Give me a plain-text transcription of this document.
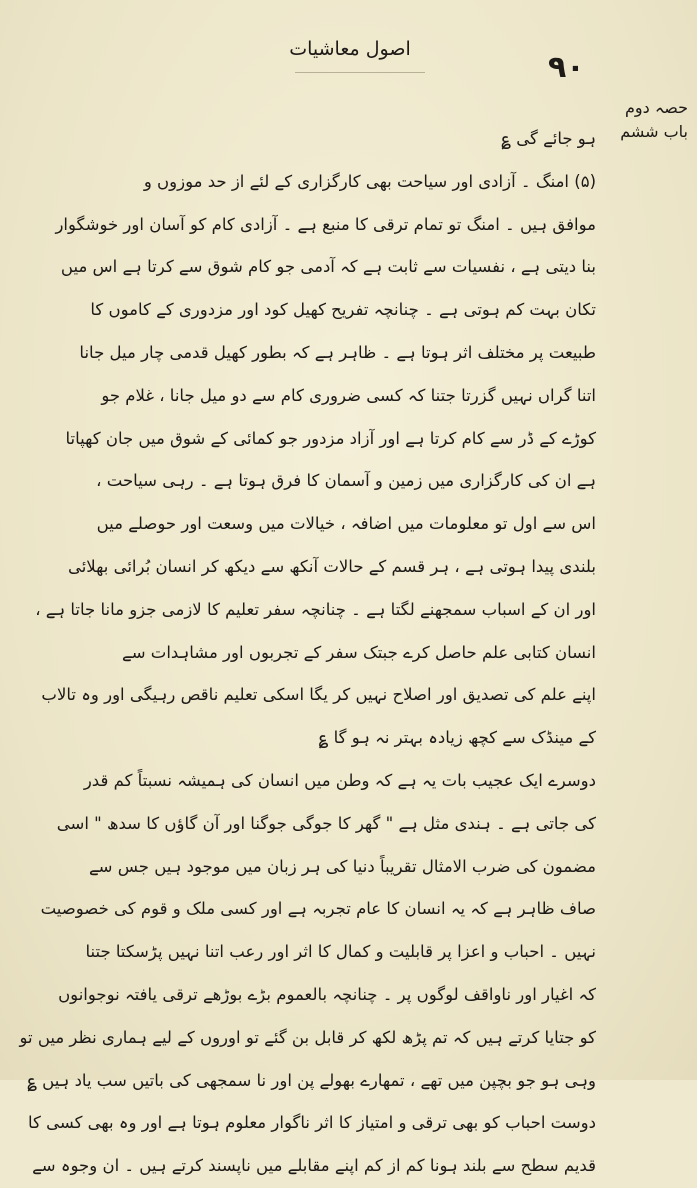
اصول معاشیات
۹۰
حصہ دوم
باب ششم
ہو جائے گی ؏
(۵) امنگ ۔ آزادی اور سیاحت بھی کارگزاری کے لئے از حد موزوں و
موافق ہیں ۔ امنگ تو تمام ترقی کا منبع ہے ۔ آزادی کام کو آسان اور خوشگوار
بنا دیتی ہے ، نفسیات سے ثابت ہے کہ آدمی جو کام شوق سے کرتا ہے اس میں
تکان بہت کم ہوتی ہے ۔ چنانچہ تفریح کھیل کود اور مزدوری کے کاموں کا
طبیعت پر مختلف اثر ہوتا ہے ۔ ظاہر ہے کہ بطور کھیل قدمی چار میل جانا
اتنا گراں نہیں گزرتا جتنا کہ کسی ضروری کام سے دو میل جانا ، غلام جو
کوڑے کے ڈر سے کام کرتا ہے اور آزاد مزدور جو کمائی کے شوق میں جان کھپاتا
ہے ان کی کارگزاری میں زمین و آسمان کا فرق ہوتا ہے ۔ رہی سیاحت ،
اس سے اول تو معلومات میں اضافہ ، خیالات میں وسعت اور حوصلے میں
بلندی پیدا ہوتی ہے ، ہر قسم کے حالات آنکھ سے دیکھ کر انسان بُرائی بھلائی
اور ان کے اسباب سمجھنے لگتا ہے ۔ چنانچہ سفر تعلیم کا لازمی جزو مانا جاتا ہے ،
انسان کتابی علم حاصل کرے جبتک سفر کے تجربوں اور مشاہدات سے
اپنے علم کی تصدیق اور اصلاح نہیں کر یگا اسکی تعلیم ناقص رہیگی اور وہ تالاب
کے مینڈک سے کچھ زیادہ بہتر نہ ہو گا ؏
دوسرے ایک عجیب بات یہ ہے کہ وطن میں انسان کی ہمیشہ نسبتاً کم قدر
کی جاتی ہے ۔ ہندی مثل ہے " گھر کا جوگی جوگنا اور آن گاؤں کا سدھ " اسی
مضمون کی ضرب الامثال تقریباً دنیا کی ہر زبان میں موجود ہیں جس سے
صاف ظاہر ہے کہ یہ انسان کا عام تجربہ ہے اور کسی ملک و قوم کی خصوصیت
نہیں ۔ احباب و اعزا پر قابلیت و کمال کا اثر اور رعب اتنا نہیں پڑسکتا جتنا
کہ اغیار اور ناواقف لوگوں پر ۔ چنانچہ بالعموم بڑے بوڑھے ترقی یافتہ نوجوانوں
کو جتایا کرتے ہیں کہ تم پڑھ لکھ کر قابل بن گئے تو اوروں کے لیے ہماری نظر میں تو
وہی ہو جو بچپن میں تھے ، تمھارے بھولے پن اور نا سمجھی کی باتیں سب یاد ہیں ؏
دوست احباب کو بھی ترقی و امتیاز کا اثر ناگوار معلوم ہوتا ہے اور وہ بھی کسی کا
قدیم سطح سے بلند ہونا کم از کم اپنے مقابلے میں ناپسند کرتے ہیں ۔ ان وجوہ سے
